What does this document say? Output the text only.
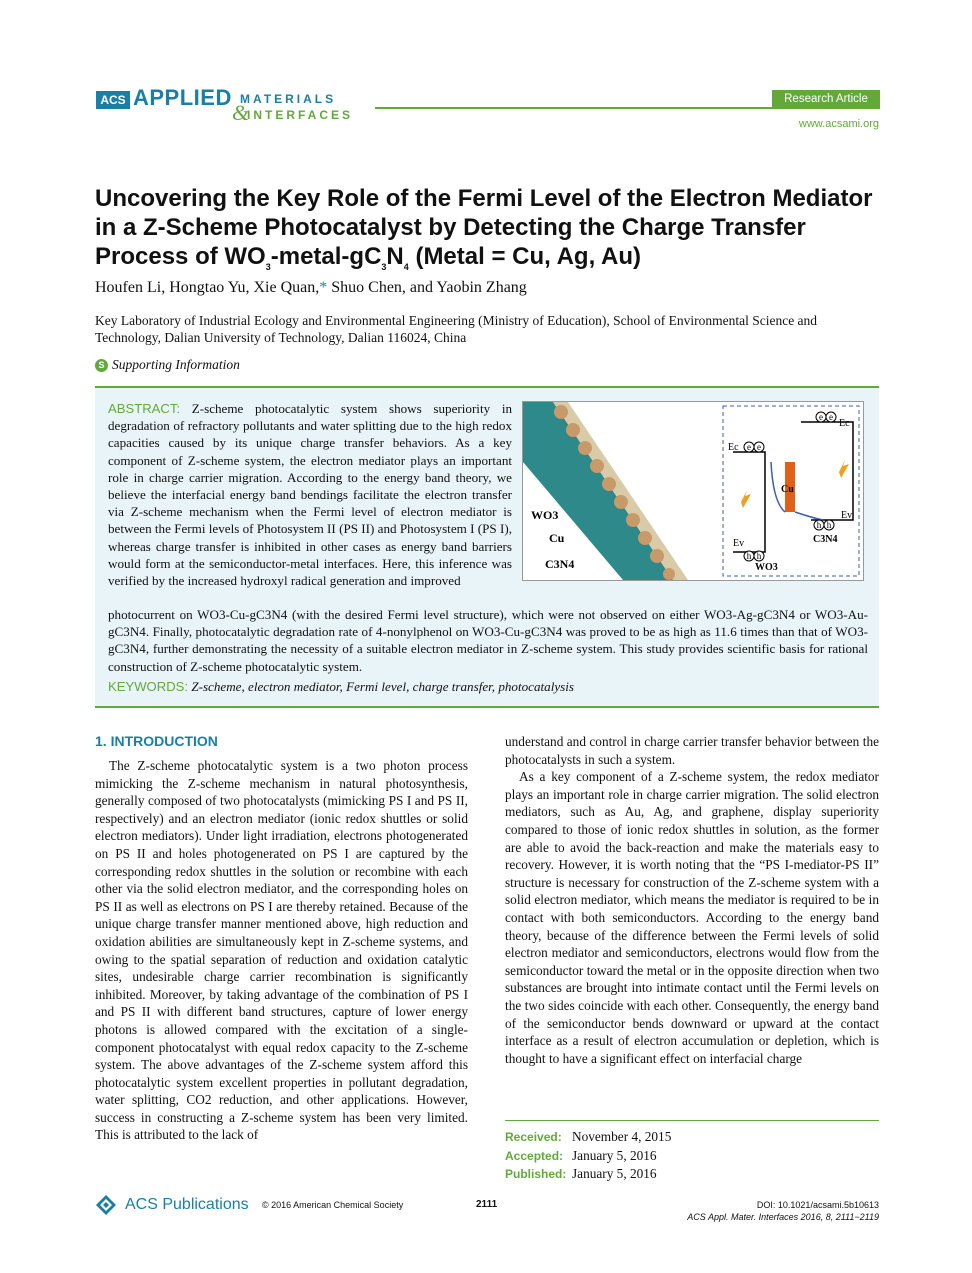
ACS APPLIED MATERIALS
&
INTERFACES
Research Article
www.acsami.org
Uncovering the Key Role of the Fermi Level of the Electron Mediator in a Z-Scheme Photocatalyst by Detecting the Charge Transfer Process of $WO_3-metal-gC_3N_4$ (Metal = Cu, Ag, Au)
Houfen Li, Hongtao Yu, Xie Quan,* Shuo Chen, and Yaobin Zhang
Key Laboratory of Industrial Ecology and Environmental Engineering (Ministry of Education), School of Environmental Science and Technology, Dalian University of Technology, Dalian 116024, China
S Supporting Information
ABSTRACT: Z-scheme photocatalytic system shows superiority in degradation of refractory pollutants and water splitting due to the high redox capacities caused by its unique charge transfer behaviors. As a key component of Z-scheme system, the electron mediator plays an important role in charge carrier migration. According to the energy band theory, we believe the interfacial energy band bendings facilitate the electron transfer via Z-scheme mechanism when the Fermi level of electron mediator is between the Fermi levels of Photosystem II (PS II) and Photosystem I (PS I), whereas charge transfer is inhibited in other cases as energy band barriers would form at the semiconductor-metal interfaces. Here, this inference was verified by the increased hydroxyl radical generation and improved
photocurrent on WO3-Cu-gC3N4 (with the desired Fermi level structure), which were not observed on either WO3-Ag-gC3N4 or WO3-Au-gC3N4. Finally, photocatalytic degradation rate of 4-nonylphenol on WO3-Cu-gC3N4 was proved to be as high as 11.6 times than that of WO3-gC3N4, further demonstrating the necessity of a suitable electron mediator in Z-scheme system. This study provides scientific basis for rational construction of Z-scheme photocatalytic system.
KEYWORDS: Z-scheme, electron mediator, Fermi level, charge transfer, photocatalysis
WO3
Cu
C3N4
Ec
Ec
Ev
Ev
Cu
C3N4
WO3
e e
e e
h h
h h
1. INTRODUCTION
The Z-scheme photocatalytic system is a two photon process mimicking the Z-scheme mechanism in natural photosynthesis, generally composed of two photocatalysts (mimicking PS I and PS II, respectively) and an electron mediator (ionic redox shuttles or solid electron mediators). Under light irradiation, electrons photogenerated on PS II and holes photogenerated on PS I are captured by the corresponding redox shuttles in the solution or recombine with each other via the solid electron mediator, and the corresponding holes on PS II as well as electrons on PS I are thereby retained. Because of the unique charge transfer manner mentioned above, high reduction and oxidation abilities are simultaneously kept in Z-scheme systems, and owing to the spatial separation of reduction and oxidation catalytic sites, undesirable charge carrier recombination is significantly inhibited. Moreover, by taking advantage of the combination of PS I and PS II with different band structures, capture of lower energy photons is allowed compared with the excitation of a single-component photocatalyst with equal redox capacity to the Z-scheme system. The above advantages of the Z-scheme system afford this photocatalytic system excellent properties in pollutant degradation, water splitting, CO2 reduction, and other applications. However, success in constructing a Z-scheme system has been very limited. This is attributed to the lack of
understand and control in charge carrier transfer behavior between the photocatalysts in such a system.
As a key component of a Z-scheme system, the redox mediator plays an important role in charge carrier migration. The solid electron mediators, such as Au, Ag, and graphene, display superiority compared to those of ionic redox shuttles in solution, as the former are able to avoid the back-reaction and make the materials easy to recovery. However, it is worth noting that the “PS I-mediator-PS II” structure is necessary for construction of the Z-scheme system with a solid electron mediator, which means the mediator is required to be in contact with both semiconductors. According to the energy band theory, because of the difference between the Fermi levels of solid electron mediator and semiconductors, electrons would flow from the semiconductor toward the metal or in the opposite direction when two substances are brought into intimate contact until the Fermi levels on the two sides coincide with each other. Consequently, the energy band of the semiconductor bends downward or upward at the contact interface as a result of electron accumulation or depletion, which is thought to have a significant effect on interfacial charge
Received: November 4, 2015
Accepted: January 5, 2016
Published: January 5, 2016
ACS Publications © 2016 American Chemical Society	2111	DOI: 10.1021/acsami.5b10613
ACS Appl. Mater. Interfaces 2016, 8, 2111−2119
